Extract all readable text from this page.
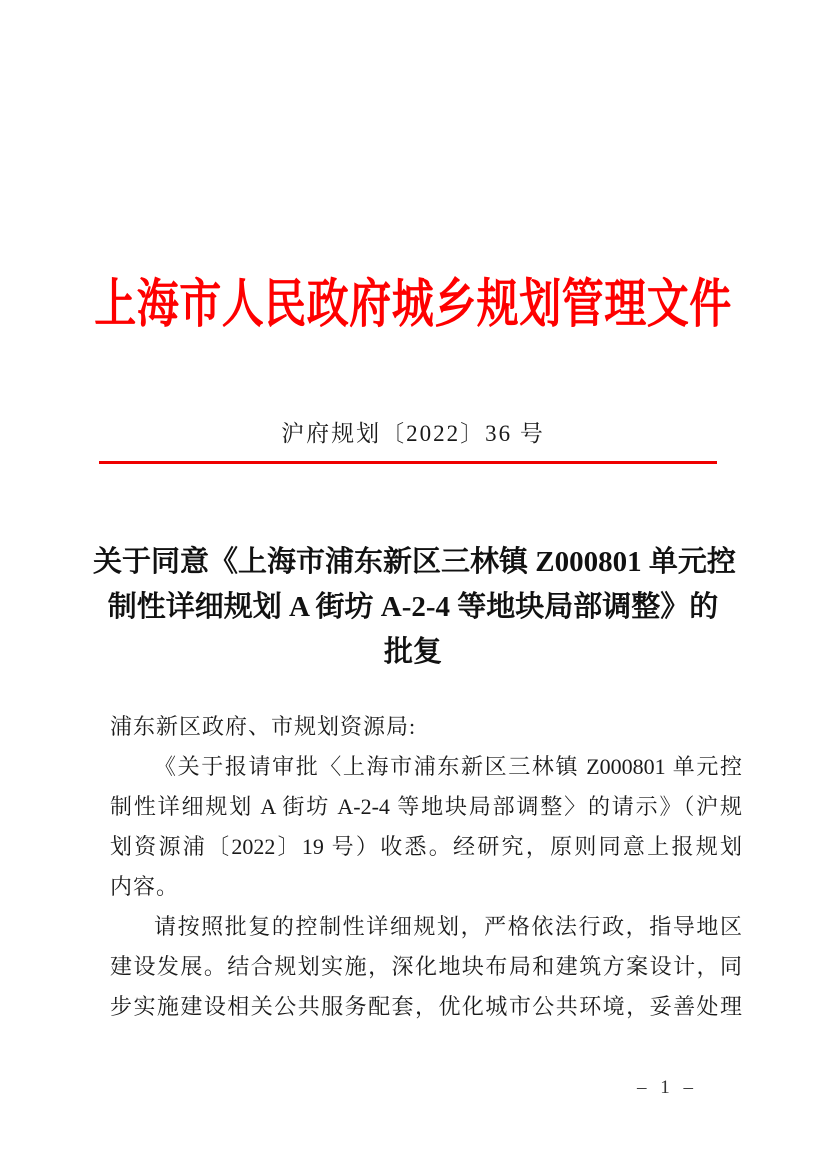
上海市人民政府城乡规划管理文件
沪府规划〔2022〕36 号
关于同意《上海市浦东新区三林镇 Z000801 单元控
制性详细规划 A 街坊 A-2-4 等地块局部调整》的
批复
浦东新区政府、市规划资源局:
《关于报请审批〈上海市浦东新区三林镇 Z000801 单元控
制性详细规划 A 街坊 A-2-4 等地块局部调整〉的请示》（沪规
划资源浦〔2022〕19 号）收悉。经研究，原则同意上报规划
内容。
请按照批复的控制性详细规划，严格依法行政，指导地区
建设发展。结合规划实施，深化地块布局和建筑方案设计，同
步实施建设相关公共服务配套，优化城市公共环境，妥善处理
– 1 –
